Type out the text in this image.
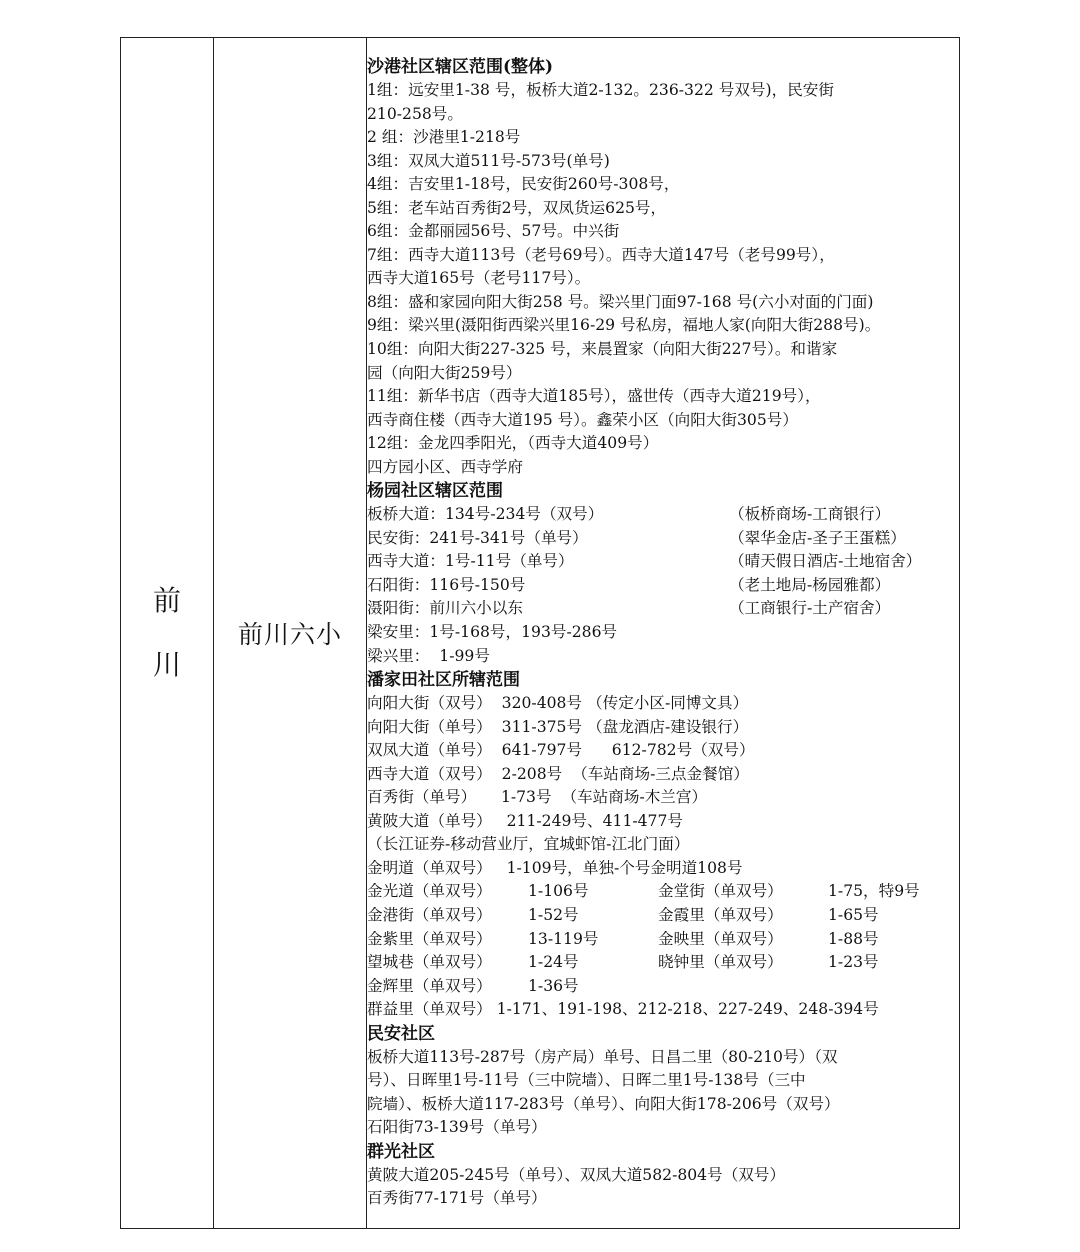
前
川	前川六小	
沙港社区辖区范围(整体)
1组：远安里1-38 号，板桥大道2-132。236-322 号双号)，民安街
210-258号。
2 组：沙港里1-218号
3组：双凤大道511号-573号(单号)
4组：吉安里1-18号，民安街260号-308号，
5组：老车站百秀街2号，双凤货运625号，
6组：金都丽园56号、57号。中兴街
7组：西寺大道113号（老号69号）。西寺大道147号（老号99号），
西寺大道165号（老号117号）。
8组：盛和家园向阳大街258 号。梁兴里门面97-168 号(六小对面的门面)
9组：梁兴里(滠阳街西梁兴里16-29 号私房，福地人家(向阳大街288号)。
10组：向阳大街227-325 号，来晨置家（向阳大街227号）。和谐家
园（向阳大街259号）
11组：新华书店（西寺大道185号），盛世传（西寺大道219号），
西寺商住楼（西寺大道195 号）。鑫荣小区（向阳大街305号）
12组：金龙四季阳光，（西寺大道409号）
四方园小区、西寺学府
杨园社区辖区范围
板桥大道：134号-234号（双号）	（板桥商场-工商银行）
民安街：241号-341号（单号）	（翠华金店-圣子王蛋糕）
西寺大道：1号-11号（单号）	（晴天假日酒店-土地宿舍）
石阳街：116号-150号	（老土地局-杨园雅都）
滠阳街：前川六小以东	（工商银行-土产宿舍）
梁安里：1号-168号，193号-286号
梁兴里：  1-99号
潘家田社区所辖范围
向阳大街（双号）  320-408号 （传定小区-同博文具）
向阳大街（单号）  311-375号 （盘龙酒店-建设银行）
双凤大道（单号）  641-797号      612-782号（双号）
西寺大道（双号）  2-208号  （车站商场-三点金餐馆）
百秀街（单号）     1-73号  （车站商场-木兰宫）
黄陂大道（单号）   211-249号、411-477号
（长江证券-移动营业厅，宜城虾馆-江北门面）
金明道（单双号）   1-109号，单独-个号金明道108号
金光道（单双号）	1-106号	金堂街（单双号）	1-75，特9号
金港街（单双号）	1-52号	金霞里（单双号）	1-65号
金紫里（单双号）	13-119号	金映里（单双号）	1-88号
望城巷（单双号）	1-24号	晓钟里（单双号）	1-23号
金辉里（单双号）	1-36号
群益里（单双号） 1-171、191-198、212-218、227-249、248-394号
民安社区
板桥大道113号-287号（房产局）单号、日昌二里（80-210号）（双
号）、日晖里1号-11号（三中院墙）、日晖二里1号-138号（三中
院墙）、板桥大道117-283号（单号）、向阳大街178-206号（双号）
石阳街73-139号（单号）
群光社区
黄陂大道205-245号（单号）、双凤大道582-804号（双号）
百秀街77-171号（单号）
